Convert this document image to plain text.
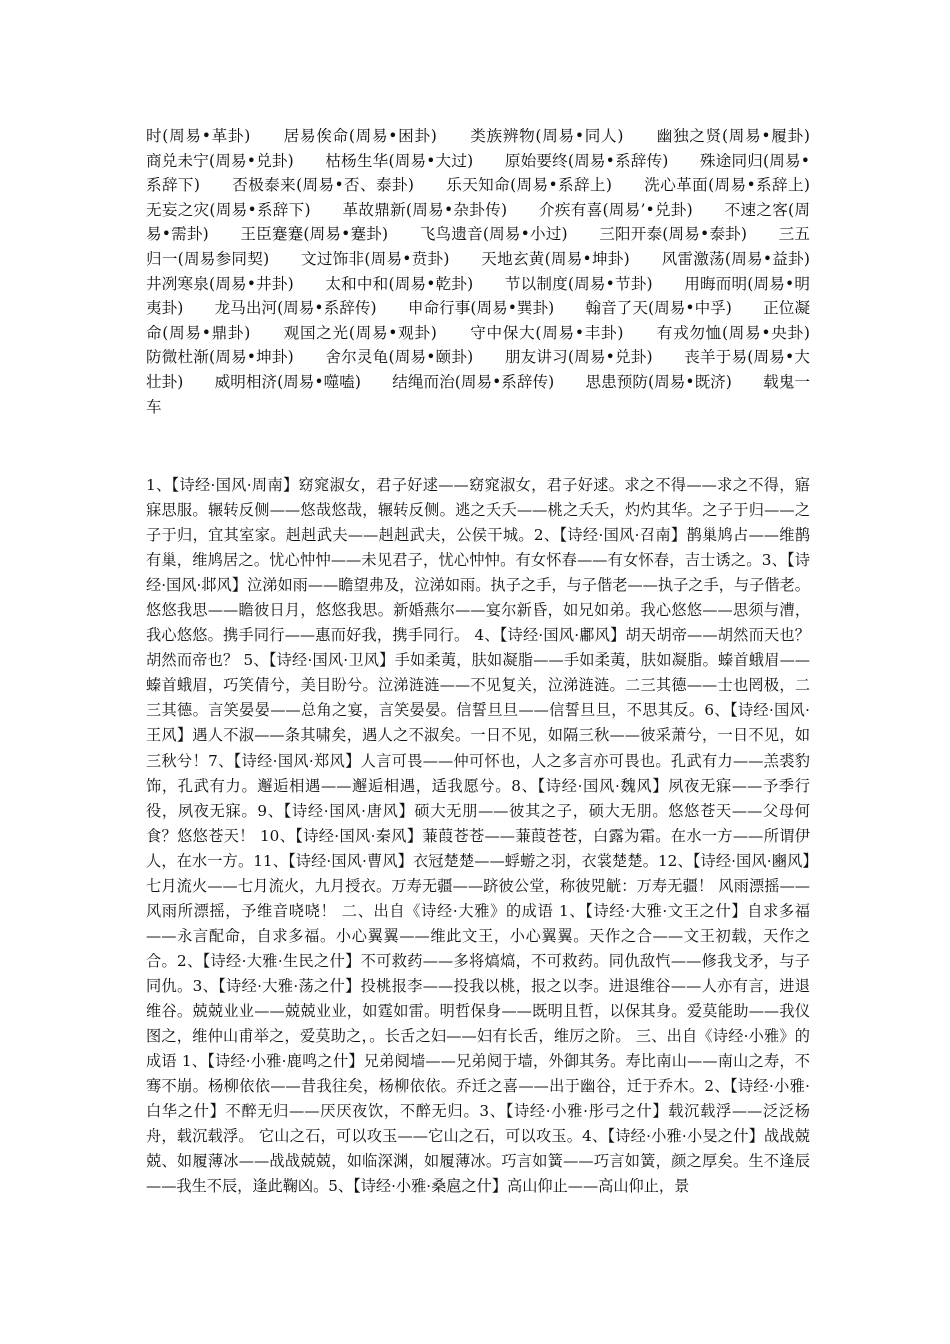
时(周易•革卦)　　居易俟命(周易•困卦)　　类族辨物(周易•同人)　　幽独之贤(周易•履卦)　　商兑未宁(周易•兑卦)　　枯杨生华(周易•大过)　　原始要终(周易•系辞传)　　殊途同归(周易•系辞下)　　否极泰来(周易•否、泰卦)　　乐天知命(周易•系辞上)　　洗心革面(周易•系辞上)　　无妄之灾(周易•系辞下)　　革故鼎新(周易•杂卦传)　　介疾有喜(周易’•兑卦)　　不速之客(周易•需卦)　　王臣蹇蹇(周易•蹇卦)　　飞鸟遗音(周易•小过)　　三阳开泰(周易•泰卦)　　三五归一(周易参同契)　　文过饰非(周易•贲卦)　　天地玄黄(周易•坤卦)　　风雷激荡(周易•益卦)　　井冽寒泉(周易•井卦)　　太和中和(周易•乾卦)　　节以制度(周易•节卦)　　用晦而明(周易•明夷卦)　　龙马出河(周易•系辞传)　　申命行事(周易•巽卦)　　翰音了天(周易•中孚)　　正位凝命(周易•鼎卦)　　观国之光(周易•观卦)　　守中保大(周易•丰卦)　　有戎勿恤(周易•央卦)　　防微杜渐(周易•坤卦)　　舍尔灵龟(周易•颐卦)　　朋友讲习(周易•兑卦)　　丧羊于易(周易•大壮卦)　　威明相济(周易•噬嗑)　　结绳而治(周易•系辞传)　　思患预防(周易•既济)　　载鬼一车

1、【诗经·国风·周南】窈窕淑女，君子好逑——窈窕淑女，君子好逑。求之不得——求之不得，寤寐思服。辗转反侧——悠哉悠哉，辗转反侧。逃之夭夭——桃之夭夭，灼灼其华。之子于归——之子于归，宜其室家。赳赳武夫——赳赳武夫，公侯干城。2、【诗经·国风·召南】鹊巢鸠占——维鹊有巢，维鸠居之。忧心忡忡——未见君子，忧心忡忡。有女怀春——有女怀春，吉士诱之。3、【诗经·国风·邶风】泣涕如雨——瞻望弗及，泣涕如雨。执子之手，与子偕老——执子之手，与子偕老。悠悠我思——瞻彼日月，悠悠我思。新婚燕尔——宴尔新昏，如兄如弟。我心悠悠——思须与漕，我心悠悠。携手同行——惠而好我，携手同行。 4、【诗经·国风·鄘风】胡天胡帝——胡然而天也？胡然而帝也？ 5、【诗经·国风·卫风】手如柔荑，肤如凝脂——手如柔荑，肤如凝脂。螓首蛾眉——螓首蛾眉，巧笑倩兮，美目盼兮。泣涕涟涟——不见复关，泣涕涟涟。二三其德——士也罔极，二三其德。言笑晏晏——总角之宴，言笑晏晏。信誓旦旦——信誓旦旦，不思其反。6、【诗经·国风·王风】遇人不淑——条其啸矣，遇人之不淑矣。一日不见，如隔三秋——彼采萧兮，一日不见，如三秋兮！7、【诗经·国风·郑风】人言可畏——仲可怀也，人之多言亦可畏也。孔武有力——羔裘豹饰，孔武有力。邂逅相遇——邂逅相遇，适我愿兮。8、【诗经·国风·魏风】夙夜无寐——予季行役，夙夜无寐。9、【诗经·国风·唐风】硕大无朋——彼其之子，硕大无朋。悠悠苍天——父母何食？悠悠苍天！ 10、【诗经·国风·秦风】蒹葭苍苍——蒹葭苍苍，白露为霜。在水一方——所谓伊人，在水一方。11、【诗经·国风·曹风】衣冠楚楚——蜉蝣之羽，衣裳楚楚。12、【诗经·国风·豳风】七月流火——七月流火，九月授衣。万寿无疆——跻彼公堂，称彼兕觥：万寿无疆！ 风雨漂摇——风雨所漂摇，予维音哓哓！ 二、出自《诗经·大雅》的成语 1、【诗经·大雅·文王之什】自求多福——永言配命，自求多福。小心翼翼——维此文王，小心翼翼。天作之合——文王初载，天作之合。2、【诗经·大雅·生民之什】不可救药——多将熇熇，不可救药。同仇敌忾——修我戈矛，与子同仇。3、【诗经·大雅·荡之什】投桃报李——投我以桃，报之以李。进退维谷——人亦有言，进退维谷。兢兢业业——兢兢业业，如霆如雷。明哲保身——既明且哲，以保其身。爱莫能助——我仪图之，维仲山甫举之，爱莫助之，。长舌之妇——妇有长舌，维厉之阶。 三、出自《诗经·小雅》的成语 1、【诗经·小雅·鹿鸣之什】兄弟阋墙——兄弟阋于墙，外御其务。寿比南山——南山之寿，不骞不崩。杨柳依依——昔我往矣，杨柳依依。乔迁之喜——出于幽谷，迁于乔木。2、【诗经·小雅·白华之什】不醉无归——厌厌夜饮，不醉无归。3、【诗经·小雅·彤弓之什】载沉载浮——泛泛杨舟，载沉载浮。 它山之石，可以攻玉——它山之石，可以攻玉。4、【诗经·小雅·小旻之什】战战兢兢、如履薄冰——战战兢兢，如临深渊，如履薄冰。巧言如簧——巧言如簧，颜之厚矣。生不逢辰——我生不辰，逢此鞠凶。5、【诗经·小雅·桑扈之什】高山仰止——高山仰止，景
